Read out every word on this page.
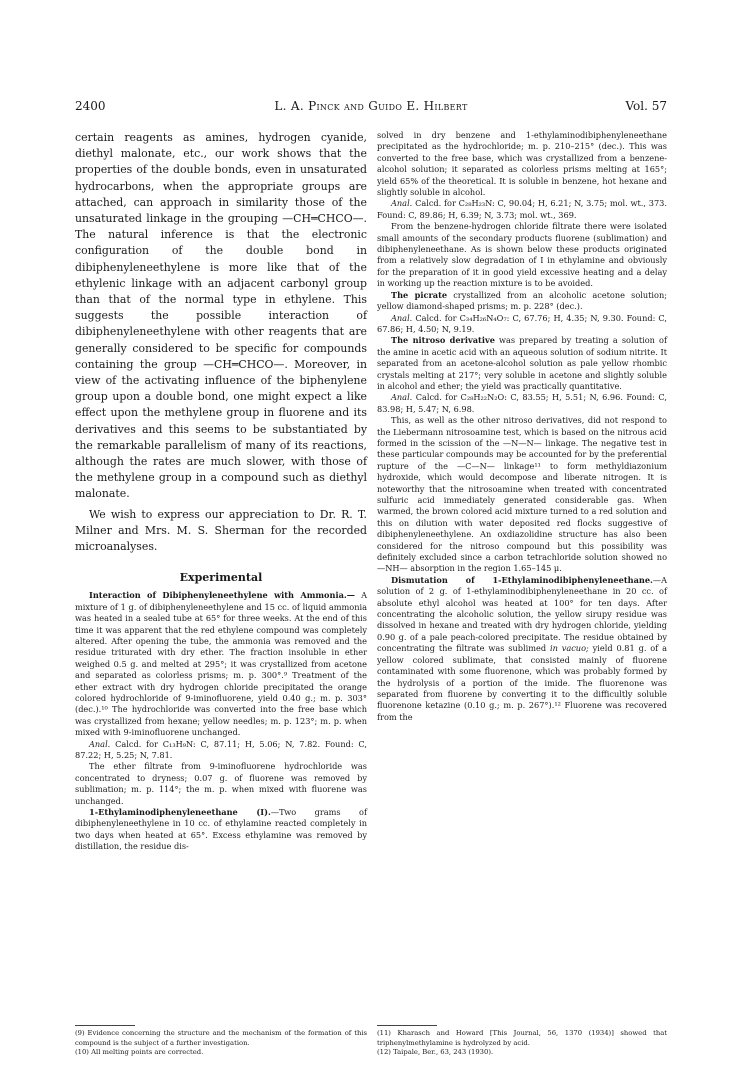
2400	L. A. Pinck and Guido E. Hilbert	Vol. 57

certain reagents as amines, hydrogen cyanide, diethyl malonate, etc., our work shows that the properties of the double bonds, even in unsaturated hydrocarbons, when the appropriate groups are attached, can approach in similarity those of the unsaturated linkage in the grouping —CH═CHCO—. The natural inference is that the electronic configuration of the double bond in dibiphenyleneethylene is more like that of the ethylenic linkage with an adjacent carbonyl group than that of the normal type in ethylene. This suggests the possible interaction of dibiphenyleneethylene with other reagents that are generally considered to be specific for compounds containing the group —CH═CHCO—. Moreover, in view of the activating influence of the biphenylene group upon a double bond, one might expect a like effect upon the methylene group in fluorene and its derivatives and this seems to be substantiated by the remarkable parallelism of many of its reactions, although the rates are much slower, with those of the methylene group in a compound such as diethyl malonate.

We wish to express our appreciation to Dr. R. T. Milner and Mrs. M. S. Sherman for the recorded microanalyses.

Experimental

Interaction of Dibiphenyleneethylene with Ammonia.— A mixture of 1 g. of dibiphenyleneethylene and 15 cc. of liquid ammonia was heated in a sealed tube at 65° for three weeks. At the end of this time it was apparent that the red ethylene compound was completely altered. After opening the tube, the ammonia was removed and the residue triturated with dry ether. The fraction insoluble in ether weighed 0.5 g. and melted at 295°; it was crystallized from acetone and separated as colorless prisms; m. p. 300°.⁹ Treatment of the ether extract with dry hydrogen chloride precipitated the orange colored hydrochloride of 9-iminofluorene, yield 0.40 g.; m. p. 303° (dec.).¹⁰ The hydrochloride was converted into the free base which was crystallized from hexane; yellow needles; m. p. 123°; m. p. when mixed with 9-iminofluorene unchanged.

Anal. Calcd. for C₁₃H₉N: C, 87.11; H, 5.06; N, 7.82. Found: C, 87.22; H, 5.25; N, 7.81.

The ether filtrate from 9-iminofluorene hydrochloride was concentrated to dryness; 0.07 g. of fluorene was removed by sublimation; m. p. 114°; the m. p. when mixed with fluorene was unchanged.

1-Ethylaminodiphenyleneethane (I).—Two grams of dibiphenyleneethylene in 10 cc. of ethylamine reacted completely in two days when heated at 65°. Excess ethylamine was removed by distillation, the residue dis-

solved in dry benzene and 1-ethylaminodibiphenyleneethane precipitated as the hydrochloride; m. p. 210–215° (dec.). This was converted to the free base, which was crystallized from a benzene-alcohol solution; it separated as colorless prisms melting at 165°; yield 65% of the theoretical. It is soluble in benzene, hot hexane and slightly soluble in alcohol.

Anal. Calcd. for C₂₈H₂₃N: C, 90.04; H, 6.21; N, 3.75; mol. wt., 373. Found: C, 89.86; H, 6.39; N, 3.73; mol. wt., 369.

From the benzene-hydrogen chloride filtrate there were isolated small amounts of the secondary products fluorene (sublimation) and dibiphenyleneethane. As is shown below these products originated from a relatively slow degradation of I in ethylamine and obviously for the preparation of it in good yield excessive heating and a delay in working up the reaction mixture is to be avoided.

The picrate crystallized from an alcoholic acetone solution; yellow diamond-shaped prisms; m. p. 228° (dec.).

Anal. Calcd. for C₃₄H₂₆N₄O₇: C, 67.76; H, 4.35; N, 9.30. Found: C, 67.86; H, 4.50; N, 9.19.

The nitroso derivative was prepared by treating a solution of the amine in acetic acid with an aqueous solution of sodium nitrite. It separated from an acetone-alcohol solution as pale yellow rhombic crystals melting at 217°; very soluble in acetone and slightly soluble in alcohol and ether; the yield was practically quantitative.

Anal. Calcd. for C₂₈H₂₂N₂O: C, 83.55; H, 5.51; N, 6.96. Found: C, 83.98; H, 5.47; N, 6.98.

This, as well as the other nitroso derivatives, did not respond to the Liebermann nitrosoamine test, which is based on the nitrous acid formed in the scission of the —N—N— linkage. The negative test in these particular compounds may be accounted for by the preferential rupture of the —C—N— linkage¹¹ to form methyldiazonium hydroxide, which would decompose and liberate nitrogen. It is noteworthy that the nitrosoamine when treated with concentrated sulfuric acid immediately generated considerable gas. When warmed, the brown colored acid mixture turned to a red solution and this on dilution with water deposited red flocks suggestive of dibiphenyleneethylene. An oxdiazolidine structure has also been considered for the nitroso compound but this possibility was definitely excluded since a carbon tetrachloride solution showed no —NH— absorption in the region 1.65–145 μ.

Dismutation of 1-Ethylaminodibiphenyleneethane.—A solution of 2 g. of 1-ethylaminodibiphenyleneethane in 20 cc. of absolute ethyl alcohol was heated at 100° for ten days. After concentrating the alcoholic solution, the yellow sirupy residue was dissolved in hexane and treated with dry hydrogen chloride, yielding 0.90 g. of a pale peach-colored precipitate. The residue obtained by concentrating the filtrate was sublimed in vacuo; yield 0.81 g. of a yellow colored sublimate, that consisted mainly of fluorene contaminated with some fluorenone, which was probably formed by the hydrolysis of a portion of the imide. The fluorenone was separated from fluorene by converting it to the difficultly soluble fluorenone ketazine (0.10 g.; m. p. 267°).¹² Fluorene was recovered from the

(9) Evidence concerning the structure and the mechanism of the formation of this compound is the subject of a further investigation.

(10) All melting points are corrected.

(11) Kharasch and Howard [This Journal, 56, 1370 (1934)] showed that triphenylmethylamine is hydrolyzed by acid.

(12) Taipale, Ber., 63, 243 (1930).
